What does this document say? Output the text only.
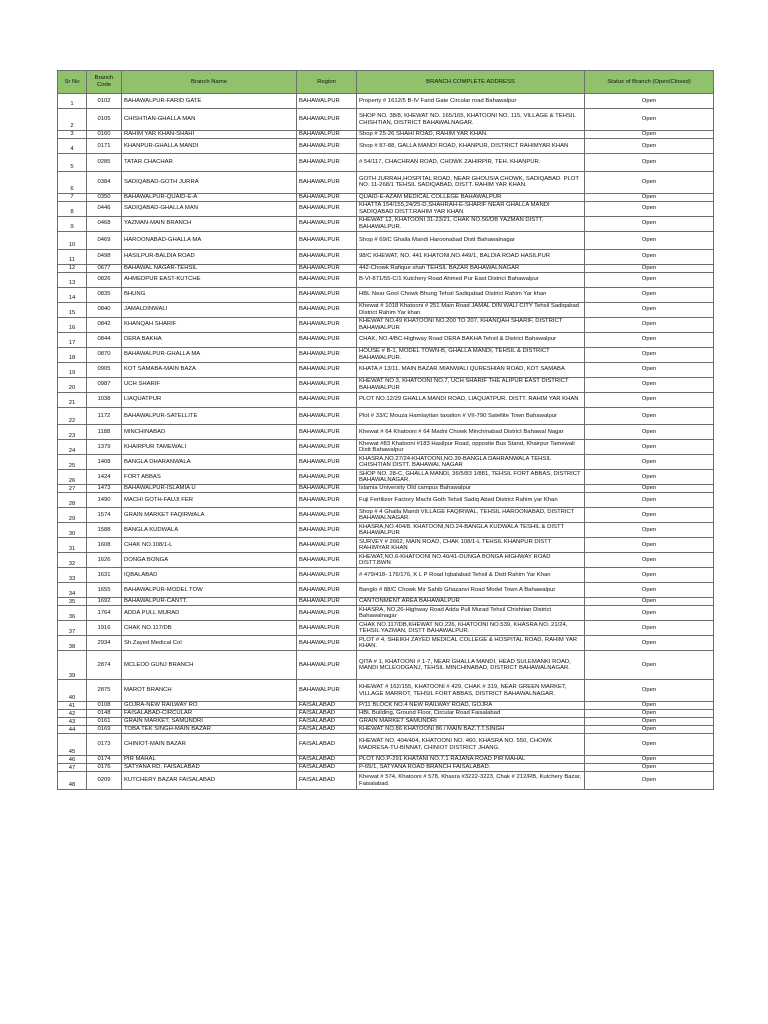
Sr No	Branch Code	Branch Name	Region	BRANCH COMPLETE ADDRESS	Status of Branch (Open/Closed)
1	0102	BAHAWALPUR-FARID GATE	BAHAWALPUR	Property # 1612/5 B-IV Farid Gate Circular road Bahawalpur	Open
2	0105	CHISHTIAN-GHALLA MAN	BAHAWALPUR	SHOP NO. 38/8, KHEWAT NO. 165/165, KHATOONI NO. 115, VILLAGE & TEHSIL CHISHTIAN, DISTRICT BAHAWALNAGAR.	Open
3	0160	RAHIM YAR KHAN-SHAHI	BAHAWALPUR	Shop # 25-26 SHAHI ROAD, RAHIM YAR KHAN.	Open
4	0171	KHANPUR-GHALLA MANDI	BAHAWALPUR	Shop # 87-88, GALLA MANDI ROAD, KHANPUR, DISTRICT RAHIMYAR KHAN	Open
5	0285	TATAR CHACHAR	BAHAWALPUR	# 54/117, CHACHRAN ROAD, CHOWK ZAHIRPIR, TEH. KHANPUR.	Open
6	0384	SADIQABAD-GOTH JURRA	BAHAWALPUR	GOTH JURRAH,HOSPITAL ROAD, NEAR GHOUSIA CHOWK, SADIQABAD. PLOT NO. 11-268/1 TEHSIL SADIQABAD, DISTT. RAHIM YAR KHAN.	Open
7	0350	BAHAWALPUR-QUAID-E-A	BAHAWALPUR	QUAID-E-AZAM MEDICAL COLLEGE BAHAWALPUR	Open
8	0446	SADIQABAD-GHALLA MAN	BAHAWALPUR	KHATTA 154/155,24/25-D,SHAHRAH-E-SHARIF NEAR GHALLA MANDI SADIQABAD DISTT.RAHIM YAR KHAN	Open
9	0468	YAZMAN-MAIN BRANCH	BAHAWALPUR	KHEWAT 12, KHATOONI 31-23/21, CHAK NO.56/DB YAZMAN DISTT. BAHAWALPUR.	Open
10	0469	HAROONABAD-GHALLA MA	BAHAWALPUR	Shop # 69/C Ghalla Mandi Haroonabad Distt Bahawalnagar	Open
11	0498	HASILPUR-BALDIA ROAD	BAHAWALPUR	98/C KHEWAT, NO. 441 KHATONI,NO.449/1, BALDIA ROAD HASILPUR	Open
12	0677	BAHAWAL NAGAR-TEHSIL	BAHAWALPUR	442-Chowk Rafique shah TEHSIL BAZAR BAHAWALNAGAR	Open
13	0826	AHMEDPUR EAST-KUTCHE	BAHAWALPUR	B-VI-871/55-C/1 Kutchery Road Ahmed Pur East District Bahawalpur	Open
14	0835	BHUNG	BAHAWALPUR	HBL Near Gool Chowk Bhung Tehsil Sadiqabad District Rahim Yar khan	Open
15	0840	JAMALDINWALI	BAHAWALPUR	Khewat # 1018 Khatooni # 251 Main Road JAMAL DIN WALI CITY Tehsil Sadiqabad District Rahim Yar khan	Open
16	0842	KHANQAH SHARIF	BAHAWALPUR	KHEWAT NO.49 KHATOONI NO.200 TO 207, KHANQAH SHARIF, DISTRICT BAHAWALPUR	Open
17	0844	DERA BAKHA	BAHAWALPUR	CHAK, NO.4/BC-Highway Road DERA BAKHA Tehsil & District Bahawalpur	Open
18	0870	BAHAWALPUR-GHALLA MA	BAHAWALPUR	HOUSE # B-1, MODEL TOWN-B, GHALLA MANDI, TEHSIL & DISTRICT BAHAWALPUR.	Open
19	0905	KOT SAMABA-MAIN BAZA	BAHAWALPUR	KHATA # 13/11, MAIN BAZAR MIANWALI QURESHIAN ROAD, KOT SAMABA	Open
20	0987	UCH SHARIF	BAHAWALPUR	KHEWAT NO 3, KHATOONI NO.7, UCH SHARIF THE ALIPUR EAST DISTRICT BAHAWALPUR	Open
21	1038	LIAQUATPUR	BAHAWALPUR	PLOT NO.12/29 GHALLA MANDI ROAD, LIAQUATPUR. DISTT. RAHIM YAR KHAN	Open
22	1172	BAHAWALPUR-SATELLITE	BAHAWALPUR	Plot # 33/C Mouza Hamlaytian taxation # VII-790 Satellite Town Bahawalpur	Open
23	1188	MINCHINABAD	BAHAWALPUR	Khewat # 64 Khatooni # 64 Madni Chowk Minchinabad District Bahawal Nagar	Open
24	1379	KHAIRPUR TAMEWALI	BAHAWALPUR	Khewat #83 Khatooni #183 Hasilpur Road, opposite Bus Stand, Khairpur Tamewali Distt Bahawalpur	Open
25	1408	BANGLA DHARANWALA	BAHAWALPUR	KHASRA,NO.27/24-KHATOONI,NO.39-BANGLA DAHRANWALA TEHSIL CHISHTIAN DISTT. BAHAWAL NAGAR	Open
26	1424	FORT ABBAS	BAHAWALPUR	SHOP NO. 28-C, GHALLA MANDI, 36/5/83 1/881, TEHSIL FORT ABBAS, DISTRICT BAHAWALNAGAR.	Open
27	1473	BAHAWALPUR-ISLAMIA U	BAHAWALPUR	Islamia University Old campus Bahawalpur	Open
28	1490	MACHI GOTH-FAUJI FER	BAHAWALPUR	Fuji Fertilizer Factory Machi Goth Tehsil Sadiq Abad District Rahim yar Khan	Open
29	1574	GRAIN MARKET FAQIRWALA	BAHAWALPUR	Shop # 4 Ghalla Mandi VILLAGE FAQIRWAL, TEHSIL HAROONABAD, DISTRICT BAHAWALNAGAR.	Open
30	1588	BANGLA KUDWALA	BAHAWALPUR	KHASRA,NO.404/8. KHATOONI,NO.24-BANGLA KUDWALA TESHIL & DISTT BAHAWALPUR	Open
31	1608	CHAK NO.108/1-L	BAHAWALPUR	SURVEY # 2662, MAIN ROAD, CHAK 108/1-L TEHSIL KHANPUR DISTT RAHIMYAR KHAN	Open
32	1626	DONGA BONGA	BAHAWALPUR	KHEWAT,NO.6-KHATOONI NO.40/41-DUNGA BONGA HIGHWAY ROAD DISTT.BWN	Open
33	1631	IQBALABAD	BAHAWALPUR	# 479/418- 176/176, K L P Road Iqbalabad Tehsil & Distt Rahim Yar Khan	Open
34	1655	BAHAWALPUR-MODEL TOW	BAHAWALPUR	Banglo # 88/C Chowk Mir Sahib Ghazanvi Road Model Town A Bahawalpur	Open
35	1692	BAHAWALPUR-CANTT.	BAHAWALPUR	CANTONMENT AREA BAHAWALPUR	Open
36	1764	ADDA PULL MURAD	BAHAWALPUR	KHASRA, NO,26-Highway Road Adda Pull Murad Tehsil Chishtian District Bahawalnagar	Open
37	1916	CHAK NO.117/DB	BAHAWALPUR	CHAK NO.117/DB,KHEWAT NO.226, KHATOONI NO.539, KHASRA NO. 21/24, TEHSIL YAZMAN, DISTT BAHAWALPUR.	Open
38	2934	Sh.Zayed Medical Col	BAHAWALPUR	PLOT # 4, SHEIKH ZAYED MEDICAL COLLEGE & HOSPITAL ROAD, RAHIM YAR KHAN.	Open
39	2874	MCLEOD GUNJ BRANCH	BAHAWALPUR	QITA # 1, KHATOONI # 1-7, NEAR GHALLA MANDI, HEAD SULEMANKI ROAD, MANDI MCLEODGANJ, TEHSIL MINCHINABAD, DISTRICT BAHAWALNAGAR.	Open
40	2875	MAROT BRANCH	BAHAWALPUR	KHEWAT # 162/155, KHATOONI # 429, CHAK # 319, NEAR GREEN MARKET, VILLAGE MARROT, TEHSIL FORT ABBAS, DISTRICT BAHAWALNAGAR.	Open
41	0108	GOJRA-NEW RAILWAY RO	FAISALABAD	P/11 BLOCK NO.4 NEW RAILWAY ROAD, GOJRA	Open
42	0148	FAISALABAD-CIRCULAR	FAISALABAD	HBL Building, Ground Floor, Circular Road Faisalabad	Open
43	0161	GRAIN MARKET, SAMUNDRI	FAISALABAD	GRAIN MARKET SAMUNDRI	Open
44	0169	TOBA TEK SINGH-MAIN BAZAR	FAISALABAD	KHEWAT NO.86 KHATOONI 86 / MAIN BAZ.T.T.SINGH	Open
45	0173	CHINIOT-MAIN BAZAR	FAISALABAD	KHEWAT NO. 404/404, KHATOONI NO. 460, KHASRA NO. 550, CHOWK MADRESA-TU-BINNAT, CHINIOT DISTRICT JHANG.	Open
46	0174	PIR MAHAL	FAISALABAD	PLOT NO.P-291 KHATANI NO.7.1 RAJANA ROAD PIR MAHAL	Open
47	0176	SATYANA RD, FAISALABAD	FAISALABAD	P-65/1, SATYANA ROAD BRANCH FAISALABAD.	Open
48	0209	KUTCHERY BAZAR FAISALABAD	FAISALABAD	Khewat # 574, Khatooni # 578, Khasra #3222-3223, Chak # 212/RB, Kutchery Bazar, Faisalabad.	Open
